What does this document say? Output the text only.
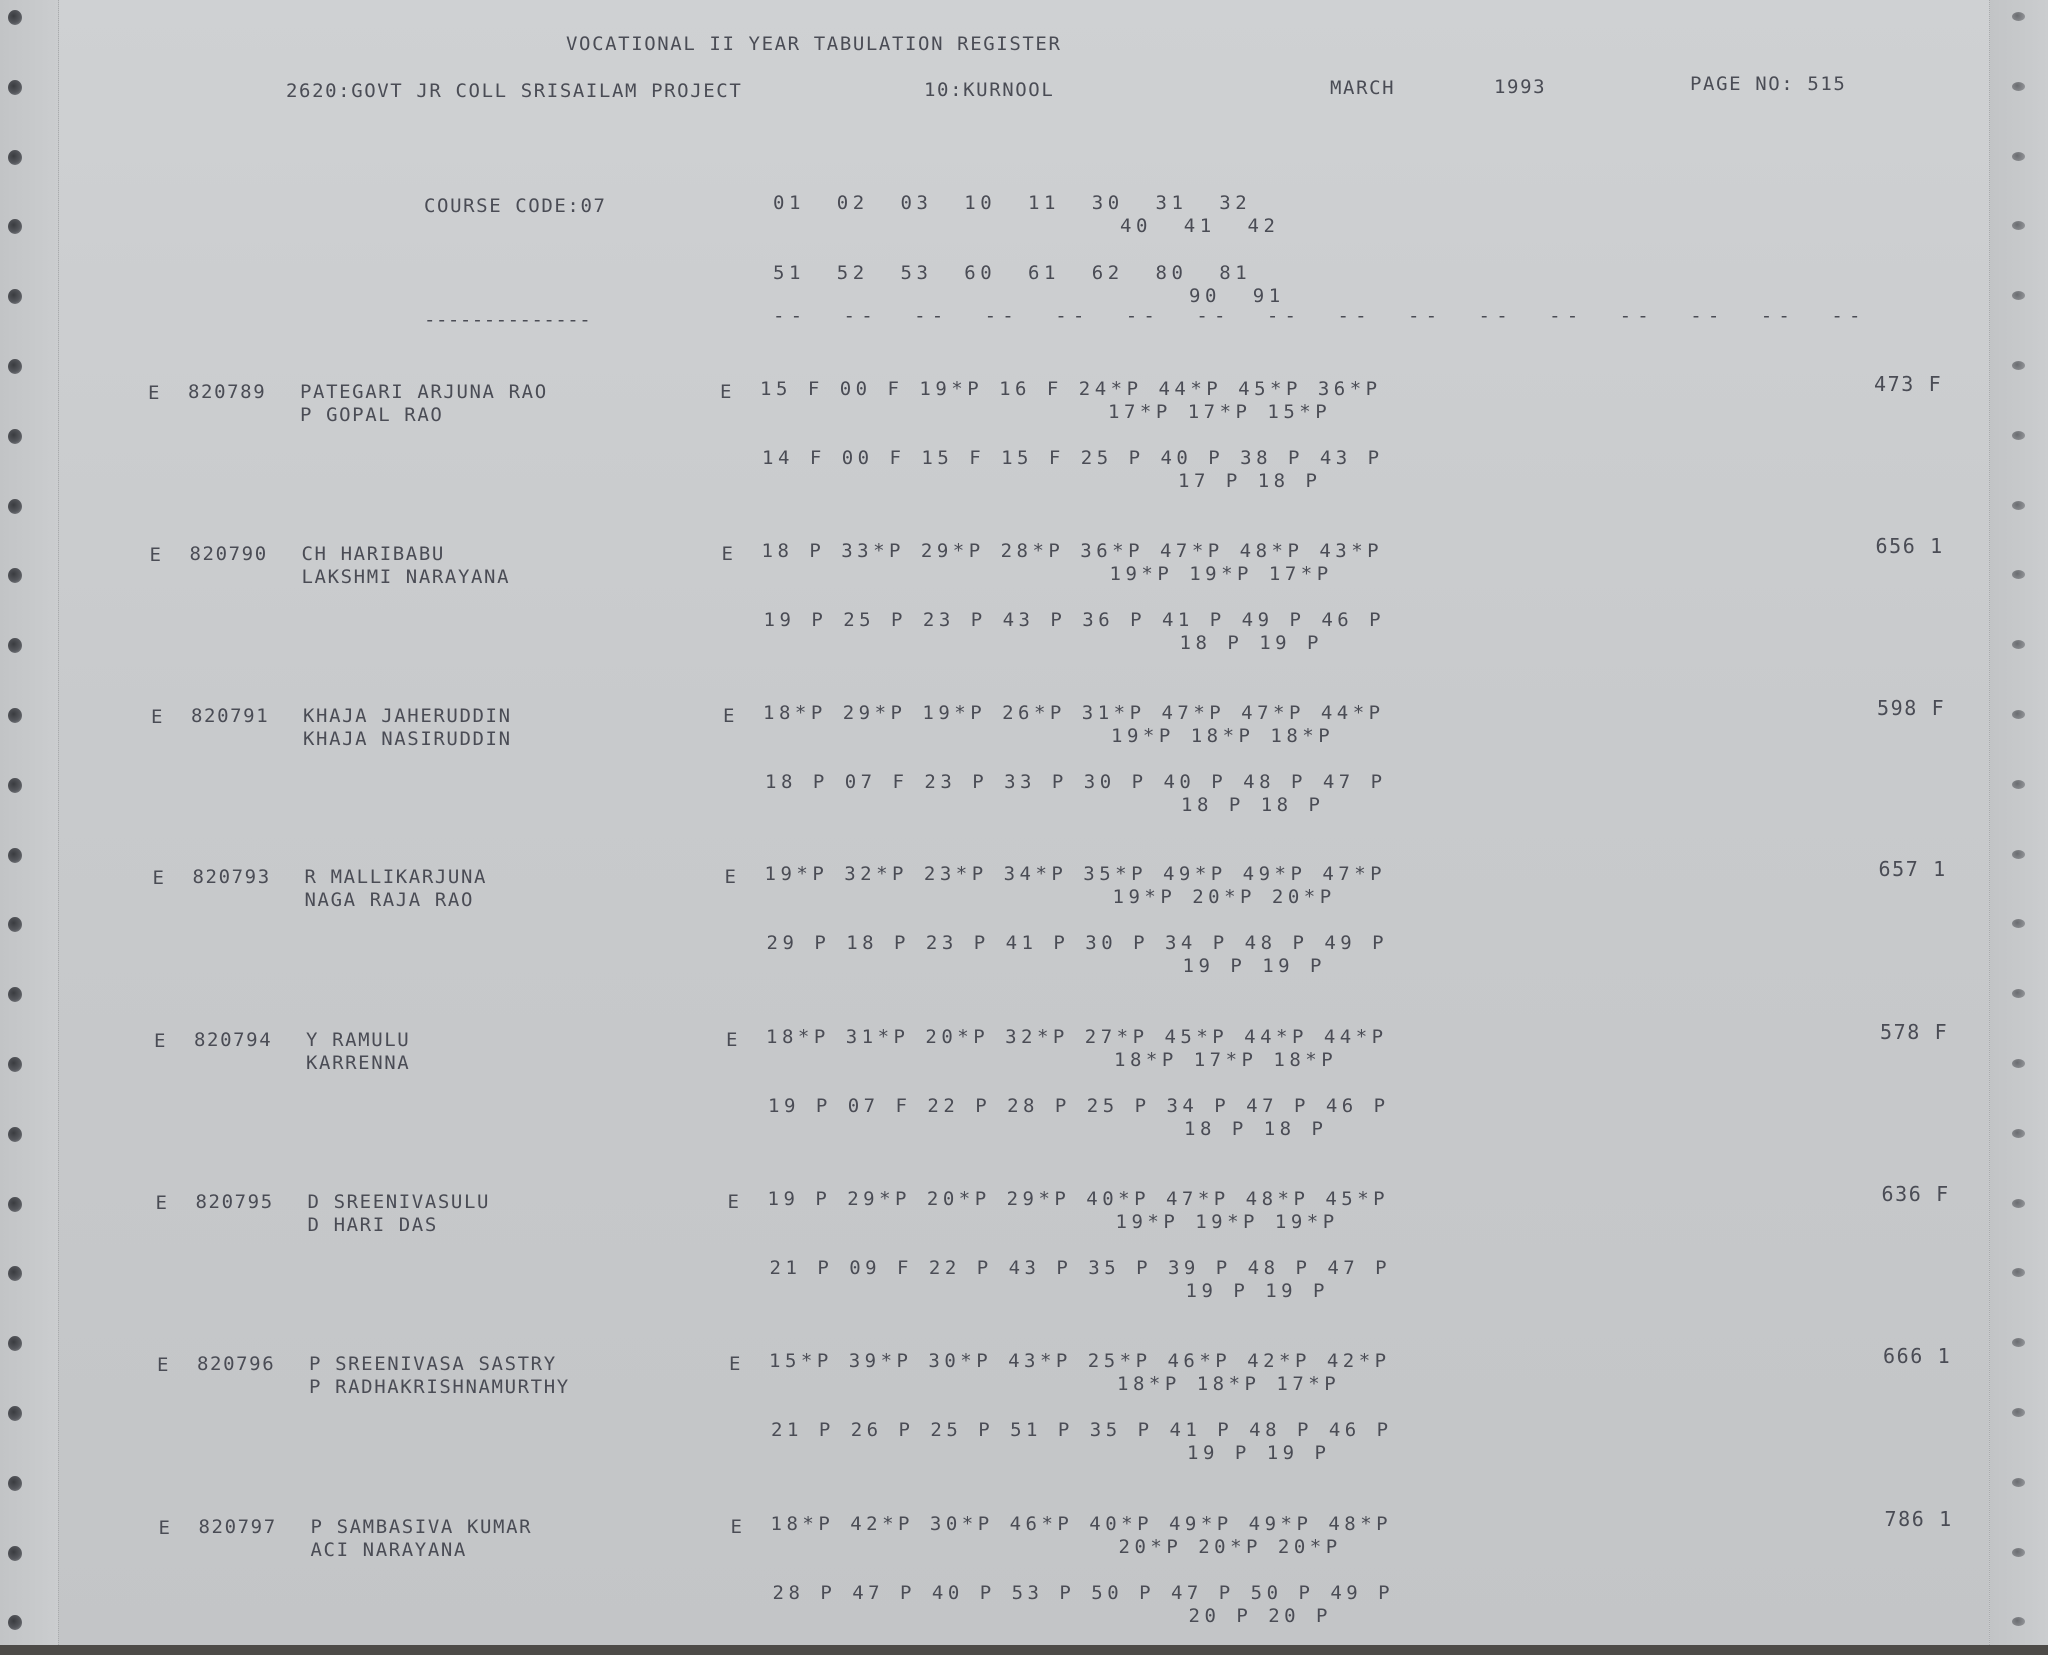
VOCATIONAL II YEAR TABULATION REGISTER
2620:GOVT JR COLL SRISAILAM PROJECT	10:KURNOOL	MARCH	1993	PAGE NO: 515
COURSE CODE:07	01  02  03  10  11  30  31  32
40  41  42
51  52  53  60  61  62  80  81
90  91
--------------	--  --  --  --  --  --  --  --  --  --  --  --  --  --  --  --
E 820789 PATEGARI ARJUNA RAO
P GOPAL RAO
E 15 F 00 F 19*P 16 F 24*P 44*P 45*P 36*P
17*P 17*P 15*P
14 F 00 F 15 F 15 F 25 P 40 P 38 P 43 P
17 P 18 P
473 F
E 820790 CH HARIBABU
LAKSHMI NARAYANA
E 18 P 33*P 29*P 28*P 36*P 47*P 48*P 43*P
19*P 19*P 17*P
19 P 25 P 23 P 43 P 36 P 41 P 49 P 46 P
18 P 19 P
656 1
E 820791 KHAJA JAHERUDDIN
KHAJA NASIRUDDIN
E 18*P 29*P 19*P 26*P 31*P 47*P 47*P 44*P
19*P 18*P 18*P
18 P 07 F 23 P 33 P 30 P 40 P 48 P 47 P
18 P 18 P
598 F
E 820793 R MALLIKARJUNA
NAGA RAJA RAO
E 19*P 32*P 23*P 34*P 35*P 49*P 49*P 47*P
19*P 20*P 20*P
29 P 18 P 23 P 41 P 30 P 34 P 48 P 49 P
19 P 19 P
657 1
E 820794 Y RAMULU
KARRENNA
E 18*P 31*P 20*P 32*P 27*P 45*P 44*P 44*P
18*P 17*P 18*P
19 P 07 F 22 P 28 P 25 P 34 P 47 P 46 P
18 P 18 P
578 F
E 820795 D SREENIVASULU
D HARI DAS
E 19 P 29*P 20*P 29*P 40*P 47*P 48*P 45*P
19*P 19*P 19*P
21 P 09 F 22 P 43 P 35 P 39 P 48 P 47 P
19 P 19 P
636 F
E 820796 P SREENIVASA SASTRY
P RADHAKRISHNAMURTHY
E 15*P 39*P 30*P 43*P 25*P 46*P 42*P 42*P
18*P 18*P 17*P
21 P 26 P 25 P 51 P 35 P 41 P 48 P 46 P
19 P 19 P
666 1
E 820797 P SAMBASIVA KUMAR
ACI NARAYANA
E 18*P 42*P 30*P 46*P 40*P 49*P 49*P 48*P
20*P 20*P 20*P
28 P 47 P 40 P 53 P 50 P 47 P 50 P 49 P
20 P 20 P
786 1
